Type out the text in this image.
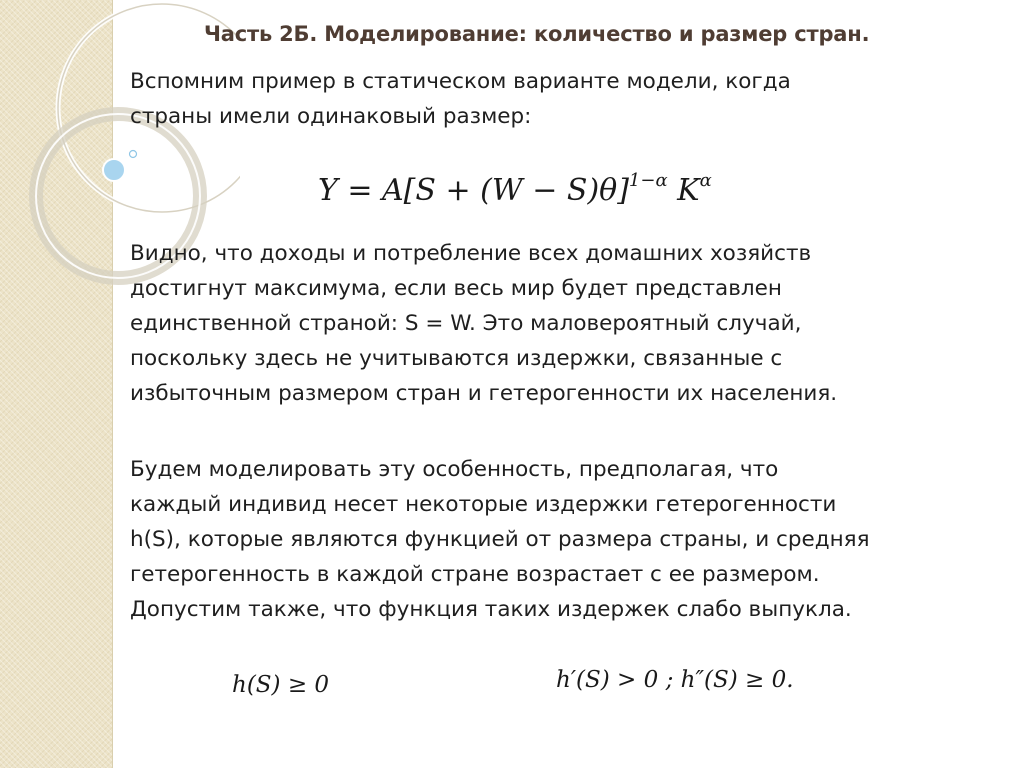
Часть 2Б. Моделирование: количество и размер стран.

Вспомним пример в статическом варианте модели, когда
страны имели одинаковый размер:

$Y = A[S + (W - S)\theta]^{1-\alpha}$ $K^\alpha$

Видно, что доходы и потребление всех домашних хозяйств
достигнут максимума, если весь мир будет представлен
единственной страной: S = W. Это маловероятный случай,
поскольку здесь не учитываются издержки, связанные с
избыточным размером стран и гетерогенности их населения.

Будем моделировать эту особенность, предполагая, что
каждый индивид несет некоторые издержки гетерогенности
h(S), которые являются функцией от размера страны, и средняя
гетерогенность в каждой стране возрастает с ее размером.
Допустим также, что функция таких издержек слабо выпукла.

h(S) ≥ 0	h′(S) > 0 ; h″(S) ≥ 0.
